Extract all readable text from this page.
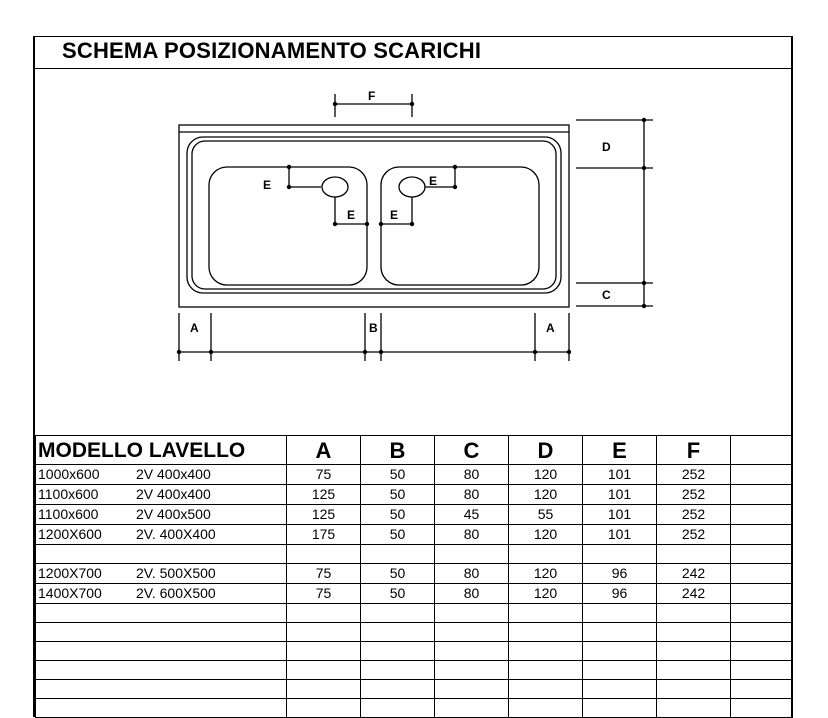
SCHEMA POSIZIONAMENTO SCARICHI
F
E
E
E
E
D
C
A	B	A
MODELLO LAVELLO	A	B	C	D	E	F	
1000x600 2V 400x400	75	50	80	120	101	252	
1100x600 2V 400x400	125	50	80	120	101	252	
1100x600 2V 400x500	125	50	45	55	101	252	
1200X600 2V. 400X400	175	50	80	120	101	252	

1200X700 2V. 500X500	75	50	80	120	96	242	
1400X700 2V. 600X500	75	50	80	120	96	242	
